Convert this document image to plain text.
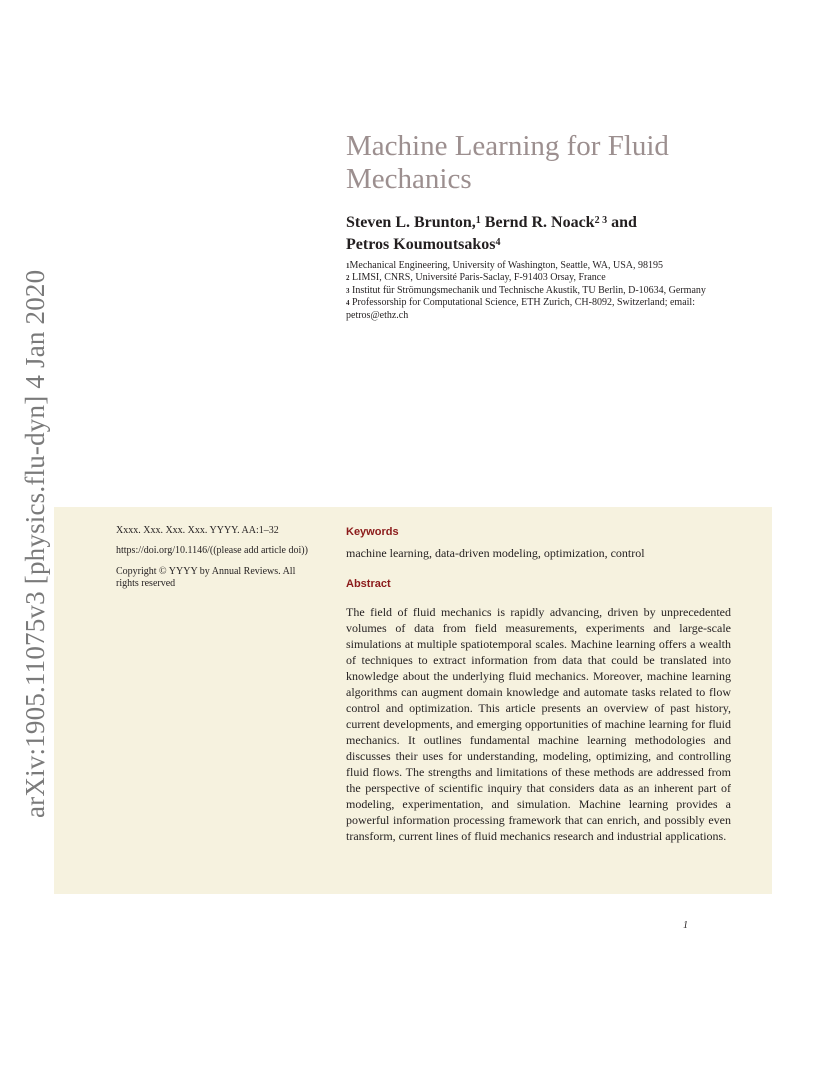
arXiv:1905.11075v3 [physics.flu-dyn] 4 Jan 2020
Machine Learning for Fluid Mechanics
Steven L. Brunton,$^1$ Bernd R. Noack$^{2 3}$ and
Petros Koumoutsakos$^4$
$^1$Mechanical Engineering, University of Washington, Seattle, WA, USA, 98195
$^2$ LIMSI, CNRS, Université Paris-Saclay, F-91403 Orsay, France
$^3$ Institut für Strömungsmechanik und Technische Akustik, TU Berlin, D-10634, Germany
$^4$ Professorship for Computational Science, ETH Zurich, CH-8092, Switzerland; email: petros@ethz.ch

Xxxx. Xxx. Xxx. Xxx. YYYY. AA:1–32

https://doi.org/10.1146/((please add article doi))

Copyright © YYYY by Annual Reviews. All rights reserved

Keywords
machine learning, data-driven modeling, optimization, control
Abstract

The field of fluid mechanics is rapidly advancing, driven by unprecedented volumes of data from field measurements, experiments and large-scale simulations at multiple spatiotemporal scales. Machine learning offers a wealth of techniques to extract information from data that could be translated into knowledge about the underlying fluid mechanics. Moreover, machine learning algorithms can augment domain knowledge and automate tasks related to flow control and optimization. This article presents an overview of past history, current developments, and emerging opportunities of machine learning for fluid mechanics. It outlines fundamental machine learning methodologies and discusses their uses for understanding, modeling, optimizing, and controlling fluid flows. The strengths and limitations of these methods are addressed from the perspective of scientific inquiry that considers data as an inherent part of modeling, experimentation, and simulation. Machine learning provides a powerful information processing framework that can enrich, and possibly even transform, current lines of fluid mechanics research and industrial applications.

1
